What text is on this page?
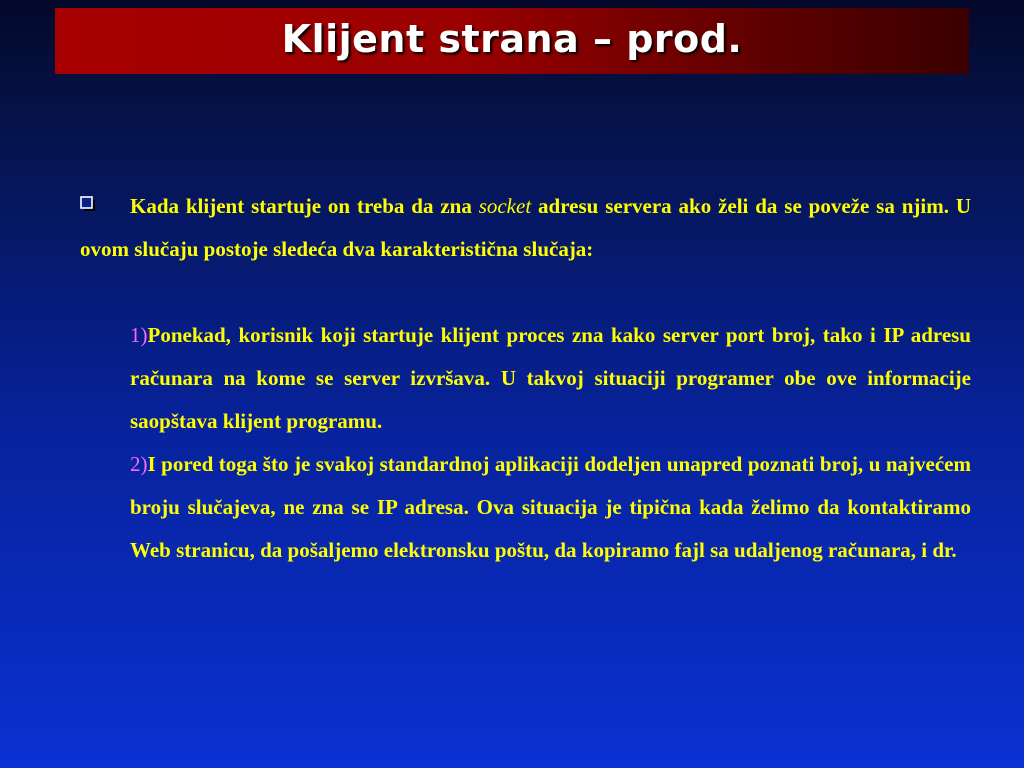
Klijent strana – prod.

Kada klijent startuje on treba da zna socket adresu servera ako želi da se poveže sa njim. U ovom slučaju postoje sledeća dva karakteristična slučaja:

1)Ponekad, korisnik koji startuje klijent proces zna kako server port broj, tako i IP adresu računara na kome se server izvršava. U takvoj situaciji programer obe ove informacije saopštava klijent programu.

2)I pored toga što je svakoj standardnoj aplikaciji dodeljen unapred poznati broj, u najvećem broju slučajeva, ne zna se IP adresa. Ova situacija je tipična kada želimo da kontaktiramo Web stranicu, da pošaljemo elektronsku poštu, da kopiramo fajl sa udaljenog računara, i dr.
